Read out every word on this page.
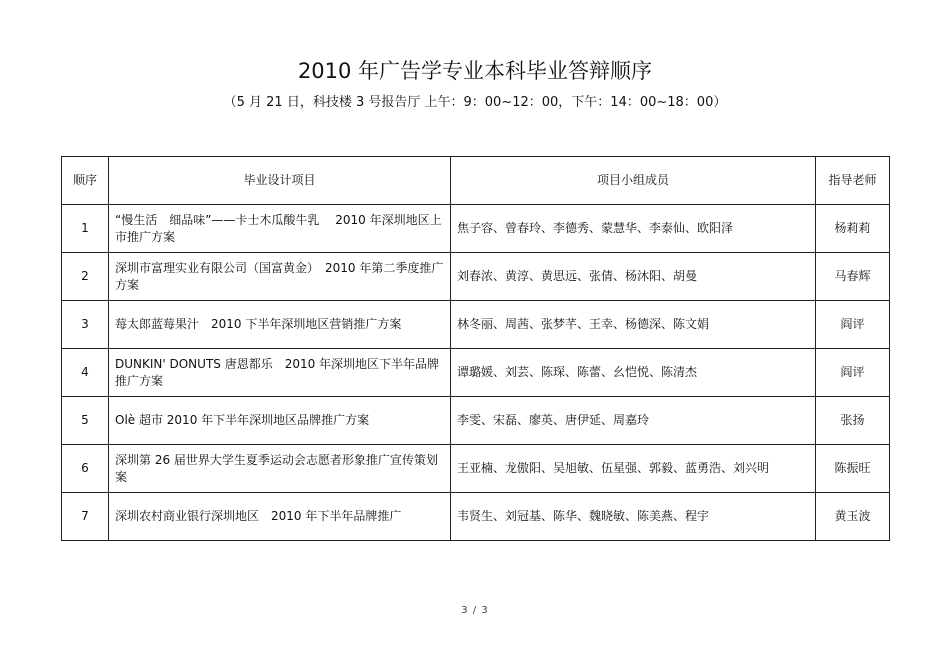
2010 年广告学专业本科毕业答辩顺序
（5 月 21 日，科技楼 3 号报告厅 上午：9：00~12：00，下午：14：00~18：00）
顺序	毕业设计项目	项目小组成员	指导老师
1	“慢生活　细品味”——卡士木瓜酸牛乳　 2010 年深圳地区上市推广方案	焦子容、曾春玲、李德秀、蒙慧华、李泰仙、欧阳泽	杨莉莉
2	深圳市富理实业有限公司（国富黄金）　2010 年第二季度推广方案	刘春浓、黄淳、黄思远、张倩、杨沐阳、胡曼	马春辉
3	莓太郎蓝莓果汁　2010 下半年深圳地区营销推广方案	林冬丽、周茜、张梦芊、王幸、杨德深、陈文娟	阎评
4	DUNKIN' DONUTS 唐恩都乐　2010 年深圳地区下半年品牌推广方案	谭璐媛、刘芸、陈琛、陈蕾、幺恺悦、陈清杰	阎评
5	Olè 超市 2010 年下半年深圳地区品牌推广方案	李雯、宋磊、廖英、唐伊延、周嘉玲	张扬
6	深圳第 26 届世界大学生夏季运动会志愿者形象推广宣传策划案	王亚楠、龙傲阳、吴旭敏、伍星强、郭毅、蓝勇浩、刘兴明	陈振旺
7	深圳农村商业银行深圳地区　2010 年下半年品牌推广	韦贤生、刘冠基、陈华、魏晓敏、陈美燕、程宇	黄玉波
3 / 3
